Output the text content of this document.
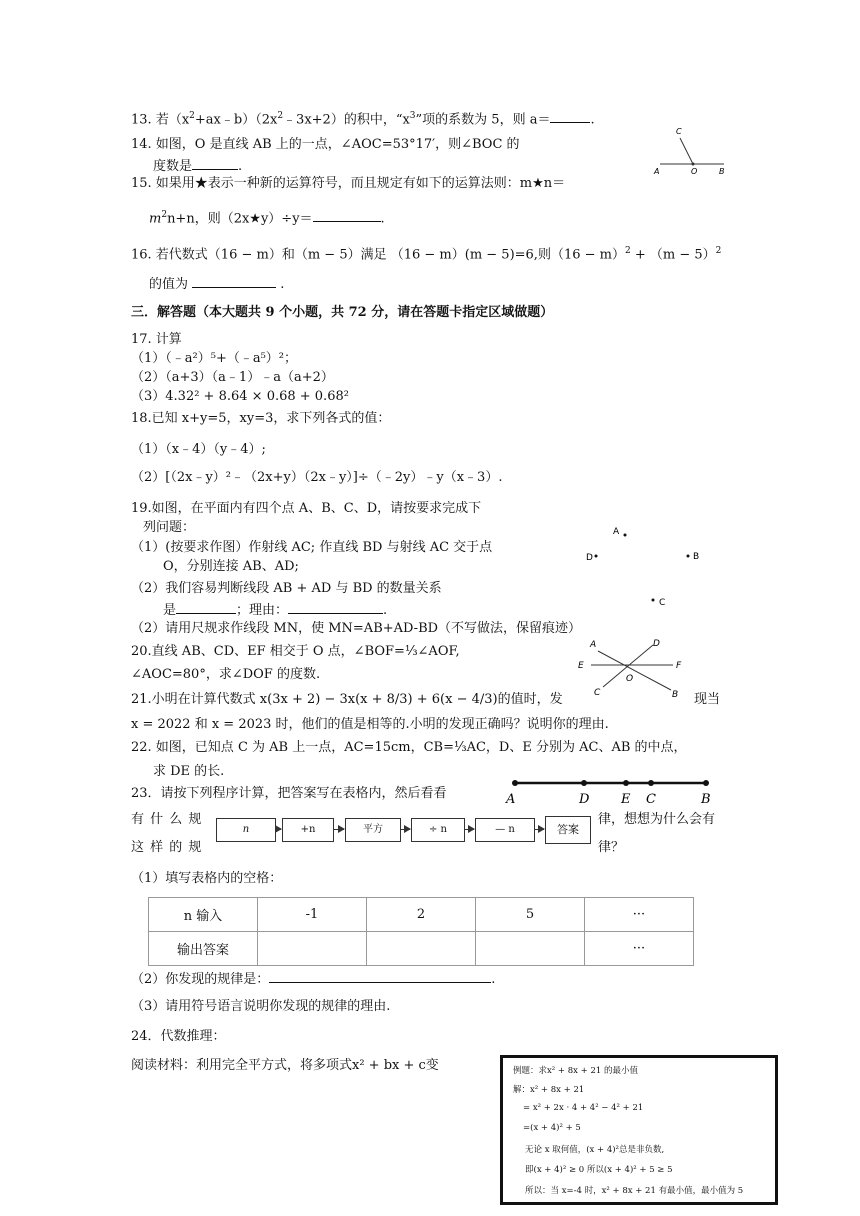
13. 若$(x^2+ax﹣b)(2x^2﹣3x+2)$的积中，“$x^3$”项的系数为 5，则 a＝	.
14. 如图，O 是直线 AB 上的一点，∠AOC=53°17′，则∠BOC 的
度数是	.
C
A	O	B
15. 如果用★表示一种新的运算符号，而且规定有如下的运算法则：m★n＝
$m^2n+n$，则（2x★y）÷y＝	.
16. 若代数式（16 − m）和（m − 5）满足 （16 − m）(m − 5)=6,则$(16 - m)^2 + (m - 5)^2$
的值为	.
三．解答题（本大题共 9 个小题，共 72 分，请在答题卡指定区域做题）
17. 计算
（1）（﹣a²）⁵+（﹣a⁵）²；
（2）（a+3）（a﹣1）﹣a（a+2）
（3）4.32² + 8.64 × 0.68 + 0.68²
18.已知 x+y=5，xy=3，求下列各式的值：
（1）（x﹣4）（y﹣4）;
（2）[（2x﹣y）²﹣（2x+y）（2x﹣y）]÷（﹣2y）﹣y（x﹣3）.
19.如图，在平面内有四个点 A、B、C、D，请按要求完成下
列问题：
（1）(按要求作图）作射线 AC; 作直线 BD 与射线 AC 交于点
O，分别连接 AB、AD;
（2）我们容易判断线段 AB + AD 与 BD 的数量关系
是	；理由：	.
（2）请用尺规求作线段 MN，使 MN=AB+AD-BD（不写做法，保留痕迹）
A
B
C
D
20.直线 AB、CD、EF 相交于 O 点，∠BOF=⅓∠AOF,
∠AOC=80°，求∠DOF 的度数.
A	D
E	F
O
C	B
21.小明在计算代数式 x(3x + 2) − 3x(x + 8/3) + 6(x − 4/3)的值时，发	现当
x = 2022 和 x = 2023 时，他们的值是相等的.小明的发现正确吗？说明你的理由.
22. 如图，已知点 C 为 AB 上一点，AC=15cm，CB=⅓AC，D、E 分别为 AC、AB 的中点，
求 DE 的长.
23．请按下列程序计算，把答案写在表格内，然后看看	A	D E C	B
有 什 么 规	律，想想为什么会有
这 样 的 规	律？
n	+n	平方	÷ n	— n	答案
（1）填写表格内的空格：
n 输入	-1	2	5	···
输出答案				···
（2）你发现的规律是：	.
（3）请用符号语言说明你发现的规律的理由.
24．代数推理：
阅读材料：利用完全平方式，将多项式x² + bx + c变	例题：求x² + 8x + 21 的最小值
解：x² + 8x + 21
= x² + 2x · 4 + 4² − 4² + 21
=(x + 4)² + 5
无论 x 取何值，(x + 4)²总是非负数,
即(x + 4)² ≥ 0 所以(x + 4)² + 5 ≥ 5
所以：当 x=-4 时，x² + 8x + 21 有最小值，最小值为 5
